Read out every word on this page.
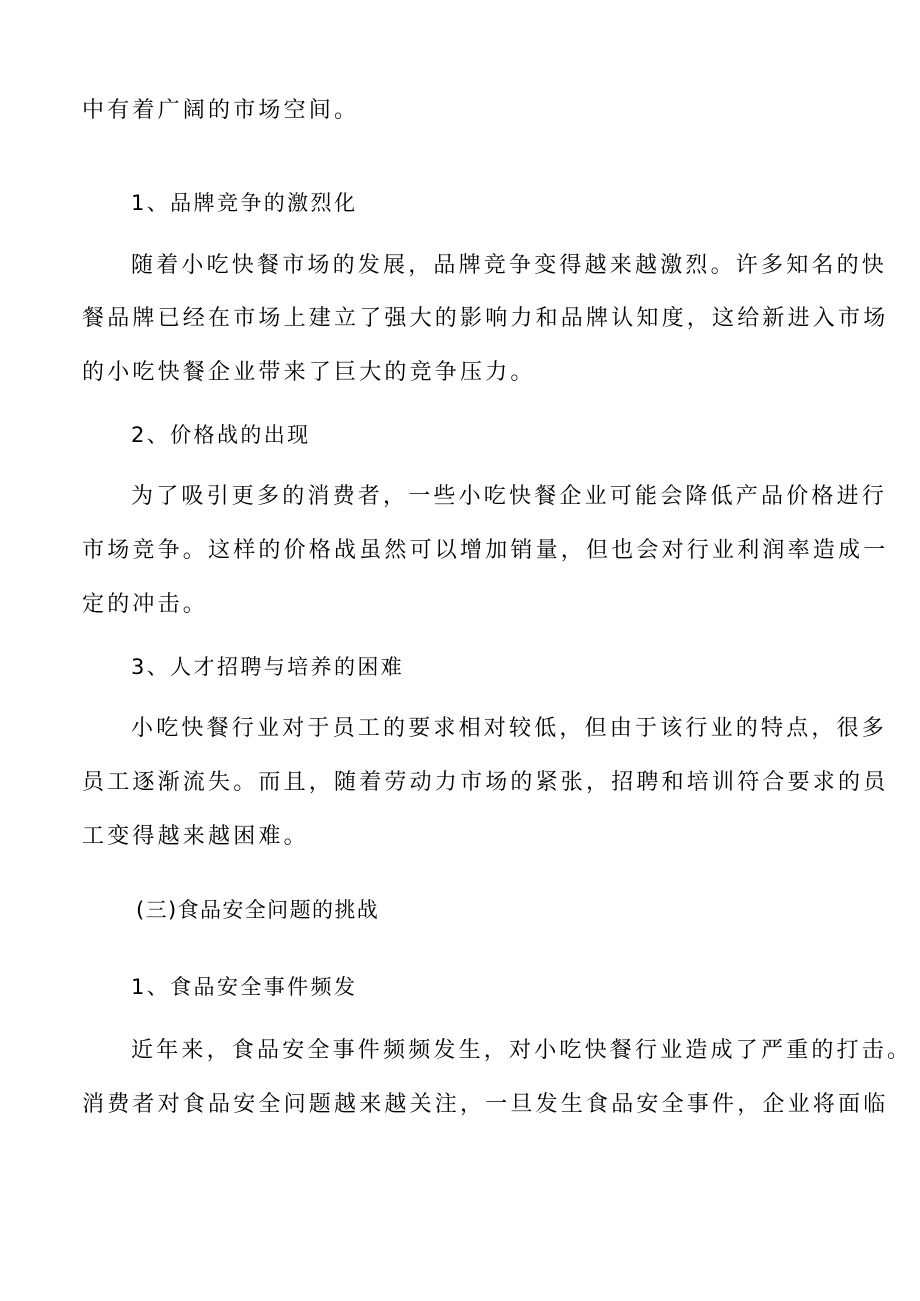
中有着广阔的市场空间。
1、品牌竞争的激烈化
随着小吃快餐市场的发展，品牌竞争变得越来越激烈。许多知名的快
餐品牌已经在市场上建立了强大的影响力和品牌认知度，这给新进入市场
的小吃快餐企业带来了巨大的竞争压力。
2、价格战的出现
为了吸引更多的消费者，一些小吃快餐企业可能会降低产品价格进行
市场竞争。这样的价格战虽然可以增加销量，但也会对行业利润率造成一
定的冲击。
3、人才招聘与培养的困难
小吃快餐行业对于员工的要求相对较低，但由于该行业的特点，很多
员工逐渐流失。而且，随着劳动力市场的紧张，招聘和培训符合要求的员
工变得越来越困难。
(三)食品安全问题的挑战
1、食品安全事件频发
近年来，食品安全事件频频发生，对小吃快餐行业造成了严重的打击。
消费者对食品安全问题越来越关注，一旦发生食品安全事件，企业将面临
